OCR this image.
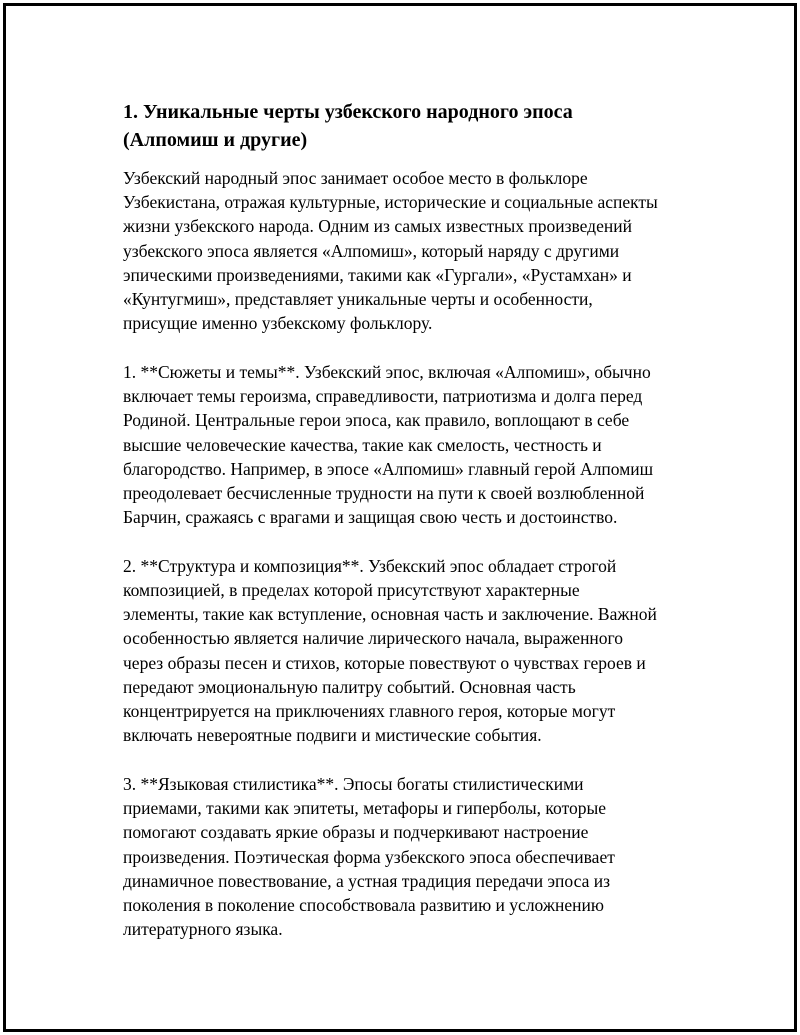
1. Уникальные черты узбекского народного эпоса
(Алпомиш и другие)

Узбекский народный эпос занимает особое место в фольклоре
Узбекистана, отражая культурные, исторические и социальные аспекты
жизни узбекского народа. Одним из самых известных произведений
узбекского эпоса является «Алпомиш», который наряду с другими
эпическими произведениями, такими как «Гургали», «Рустамхан» и
«Кунтугмиш», представляет уникальные черты и особенности,
присущие именно узбекскому фольклору.

1. **Сюжеты и темы**. Узбекский эпос, включая «Алпомиш», обычно
включает темы героизма, справедливости, патриотизма и долга перед
Родиной. Центральные герои эпоса, как правило, воплощают в себе
высшие человеческие качества, такие как смелость, честность и
благородство. Например, в эпосе «Алпомиш» главный герой Алпомиш
преодолевает бесчисленные трудности на пути к своей возлюбленной
Барчин, сражаясь с врагами и защищая свою честь и достоинство.

2. **Структура и композиция**. Узбекский эпос обладает строгой
композицией, в пределах которой присутствуют характерные
элементы, такие как вступление, основная часть и заключение. Важной
особенностью является наличие лирического начала, выраженного
через образы песен и стихов, которые повествуют о чувствах героев и
передают эмоциональную палитру событий. Основная часть
концентрируется на приключениях главного героя, которые могут
включать невероятные подвиги и мистические события.

3. **Языковая стилистика**. Эпосы богаты стилистическими
приемами, такими как эпитеты, метафоры и гиперболы, которые
помогают создавать яркие образы и подчеркивают настроение
произведения. Поэтическая форма узбекского эпоса обеспечивает
динамичное повествование, а устная традиция передачи эпоса из
поколения в поколение способствовала развитию и усложнению
литературного языка.
